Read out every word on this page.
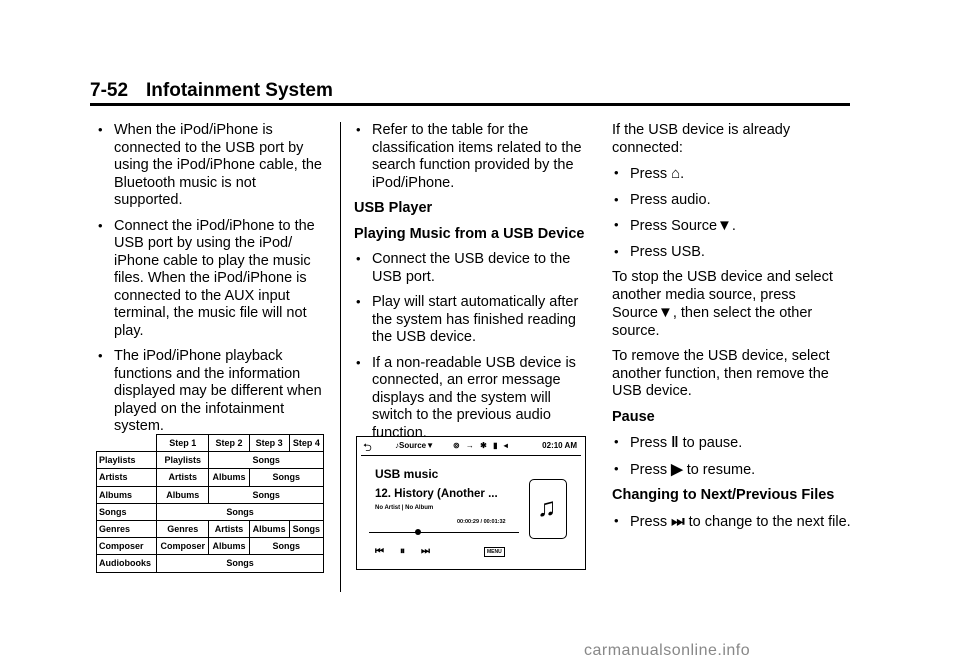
7-52 Infotainment System
• When the iPod/iPhone is connected to the USB port by using the iPod/iPhone cable, the Bluetooth music is not supported.
• Connect the iPod/iPhone to the USB port by using the iPod/ iPhone cable to play the music files. When the iPod/iPhone is connected to the AUX input terminal, the music file will not play.
• The iPod/iPhone playback functions and the information displayed may be different when played on the infotainment system.
	Step 1	Step 2	Step 3	Step 4
Playlists	Playlists	Songs		
Artists	Artists	Albums	Songs	
Albums	Albums	Songs		
Songs	Songs			
Genres	Genres	Artists	Albums	Songs
Composer	Composer	Albums	Songs	
Audiobooks	Songs			
• Refer to the table for the classification items related to the search function provided by the iPod/iPhone.
USB Player
Playing Music from a USB Device
• Connect the USB device to the USB port.
• Play will start automatically after the system has finished reading the USB device.
• If a non-readable USB device is connected, an error message displays and the system will switch to the previous audio function.
⮌	♪Source▼ ⊚ → ✱ ▮ ◂	02:10 AM
USB music
12. History (Another ...
No Artist | No Album
00:00:29 / 00:01:32 ♫
⏮ ⏸ ⏭	MENU
If the USB device is already connected:
• Press ⌂.
• Press audio.
• Press Source▼.
• Press USB.
To stop the USB device and select another media source, press Source▼, then select the other source.
To remove the USB device, select another function, then remove the USB device.
Pause
• Press ‖ to pause.
• Press ▶ to resume.
Changing to Next/Previous Files
• Press ⏭ to change to the next file.
carmanualsonline.info
